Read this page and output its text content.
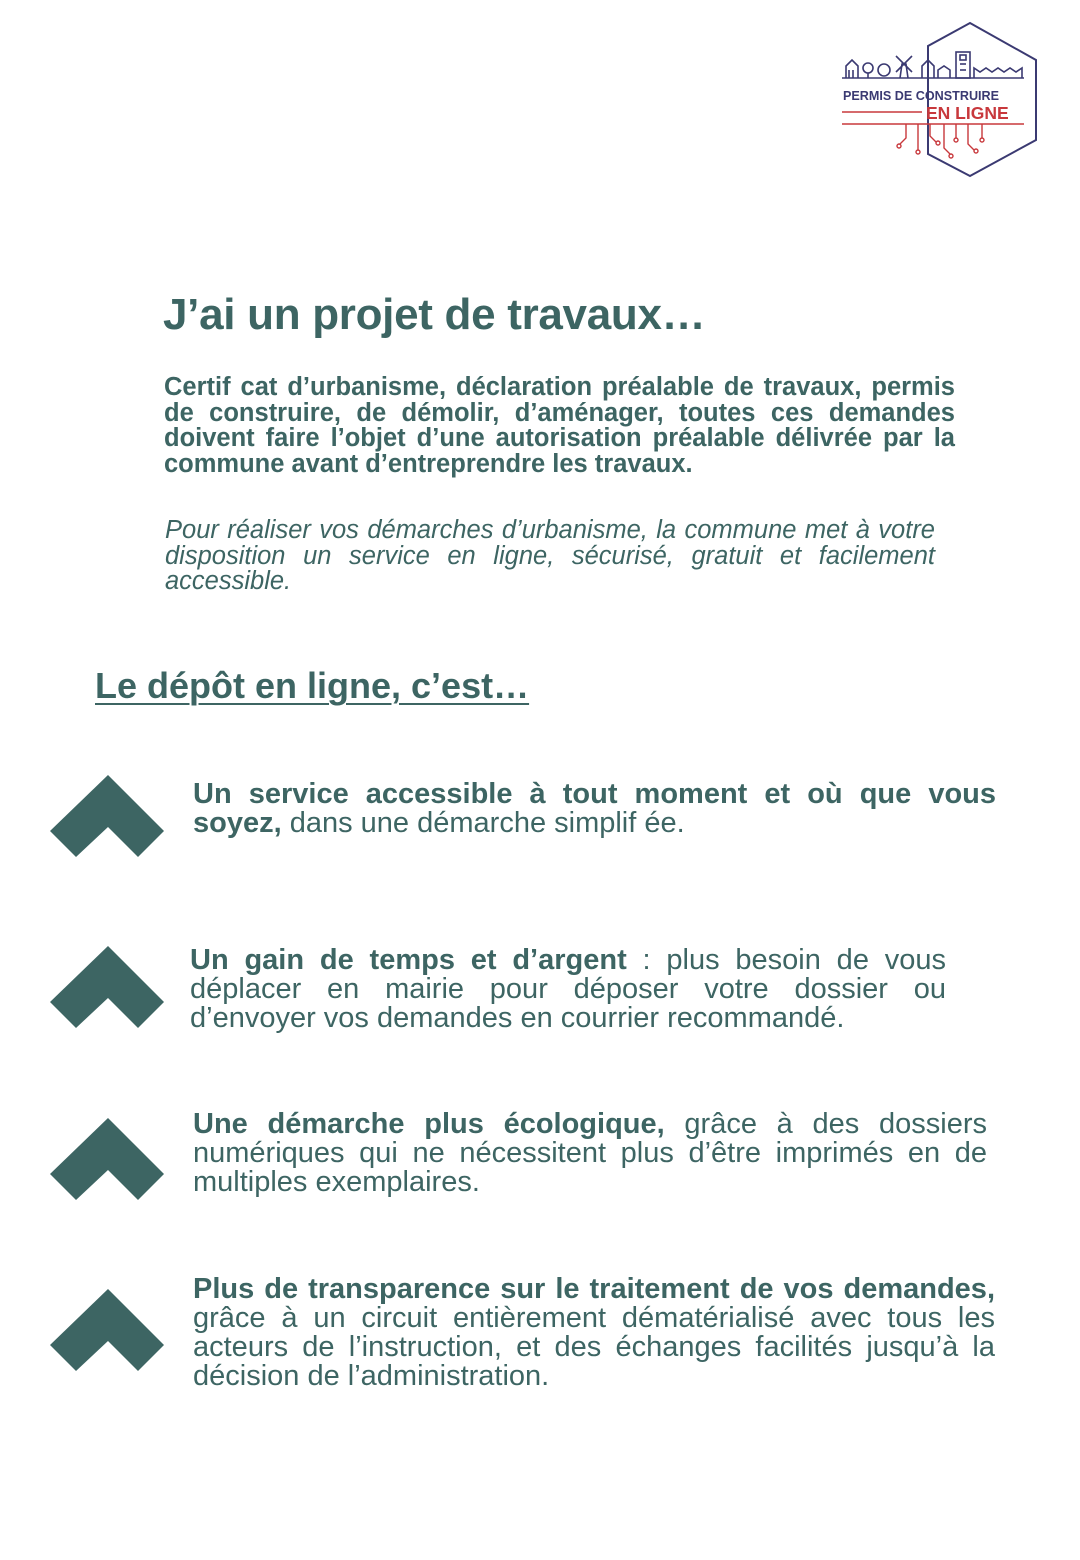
PERMIS DE CONSTRUIRE
EN LIGNE
J’ai un projet de travaux…

Certif cat d’urbanisme, déclaration préalable de travaux, permis de construire, de démolir, d’aménager, toutes ces demandes doivent faire l’objet d’une autorisation préalable délivrée par la commune avant d’entreprendre les travaux.

Pour réaliser vos démarches d’urbanisme, la commune met à votre disposition un service en ligne, sécurisé, gratuit et facilement accessible.

Le dépôt en ligne, c’est…

Un service accessible à tout moment et où que vous soyez, dans une démarche simplif ée.

Un gain de temps et d’argent : plus besoin de vous déplacer en mairie pour déposer votre dossier ou d’envoyer vos demandes en courrier recommandé.

Une démarche plus écologique, grâce à des dossiers numériques qui ne nécessitent plus d’être imprimés en de multiples exemplaires.

Plus de transparence sur le traitement de vos demandes, grâce à un circuit entièrement dématérialisé avec tous les acteurs de l’instruction, et des échanges facilités jusqu’à la décision de l’administration.
